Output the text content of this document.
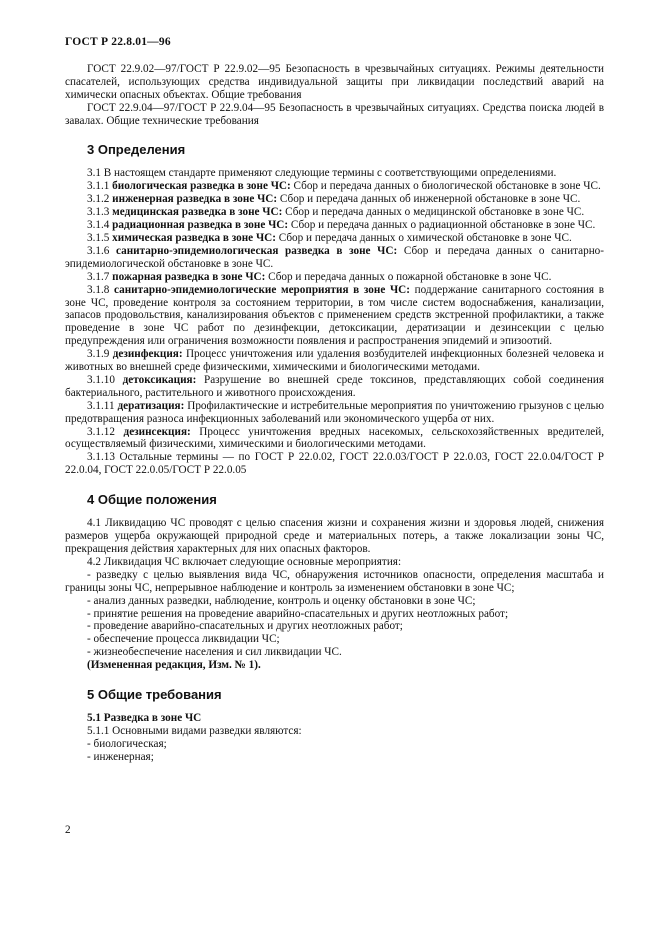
ГОСТ Р 22.8.01—96

ГОСТ 22.9.02—97/ГОСТ Р 22.9.02—95 Безопасность в чрезвычайных ситуациях. Режимы деятельности спасателей, использующих средства индивидуальной защиты при ликвидации последствий аварий на химически опасных объектах. Общие требования

ГОСТ 22.9.04—97/ГОСТ Р 22.9.04—95 Безопасность в чрезвычайных ситуациях. Средства поиска людей в завалах. Общие технические требования

3 Определения

3.1 В настоящем стандарте применяют следующие термины с соответствующими определениями.

3.1.1 биологическая разведка в зоне ЧС: Сбор и передача данных о биологической обстановке в зоне ЧС.

3.1.2 инженерная разведка в зоне ЧС: Сбор и передача данных об инженерной обстановке в зоне ЧС.

3.1.3 медицинская разведка в зоне ЧС: Сбор и передача данных о медицинской обстановке в зоне ЧС.

3.1.4 радиационная разведка в зоне ЧС: Сбор и передача данных о радиационной обстановке в зоне ЧС.

3.1.5 химическая разведка в зоне ЧС: Сбор и передача данных о химической обстановке в зоне ЧС.

3.1.6 санитарно-эпидемиологическая разведка в зоне ЧС: Сбор и передача данных о санитарно-эпидемиологической обстановке в зоне ЧС.

3.1.7 пожарная разведка в зоне ЧС: Сбор и передача данных о пожарной обстановке в зоне ЧС.

3.1.8 санитарно-эпидемиологические мероприятия в зоне ЧС: поддержание санитарного состояния в зоне ЧС, проведение контроля за состоянием территории, в том числе систем водоснабжения, канализации, запасов продовольствия, канализирования объектов с применением средств экстренной профилактики, а также проведение в зоне ЧС работ по дезинфекции, детоксикации, дератизации и дезинсекции с целью предупреждения или ограничения возможности появления и распространения эпидемий и эпизоотий.

3.1.9 дезинфекция: Процесс уничтожения или удаления возбудителей инфекционных болезней человека и животных во внешней среде физическими, химическими и биологическими методами.

3.1.10 детоксикация: Разрушение во внешней среде токсинов, представляющих собой соединения бактериального, растительного и животного происхождения.

3.1.11 дератизация: Профилактические и истребительные мероприятия по уничтожению грызунов с целью предотвращения разноса инфекционных заболеваний или экономического ущерба от них.

3.1.12 дезинсекция: Процесс уничтожения вредных насекомых, сельскохозяйственных вредителей, осуществляемый физическими, химическими и биологическими методами.

3.1.13 Остальные термины — по ГОСТ Р 22.0.02, ГОСТ 22.0.03/ГОСТ Р 22.0.03, ГОСТ 22.0.04/ГОСТ Р 22.0.04, ГОСТ 22.0.05/ГОСТ Р 22.0.05

4 Общие положения

4.1 Ликвидацию ЧС проводят с целью спасения жизни и сохранения жизни и здоровья людей, снижения размеров ущерба окружающей природной среде и материальных потерь, а также локализации зоны ЧС, прекращения действия характерных для них опасных факторов.

4.2 Ликвидация ЧС включает следующие основные мероприятия:

- разведку с целью выявления вида ЧС, обнаружения источников опасности, определения масштаба и границы зоны ЧС, непрерывное наблюдение и контроль за изменением обстановки в зоне ЧС;

- анализ данных разведки, наблюдение, контроль и оценку обстановки в зоне ЧС;

- принятие решения на проведение аварийно-спасательных и других неотложных работ;

- проведение аварийно-спасательных и других неотложных работ;

- обеспечение процесса ликвидации ЧС;

- жизнеобеспечение населения и сил ликвидации ЧС.

(Измененная редакция, Изм. № 1).

5 Общие требования
5.1 Разведка в зоне ЧС

5.1.1 Основными видами разведки являются:

- биологическая;

- инженерная;

2
